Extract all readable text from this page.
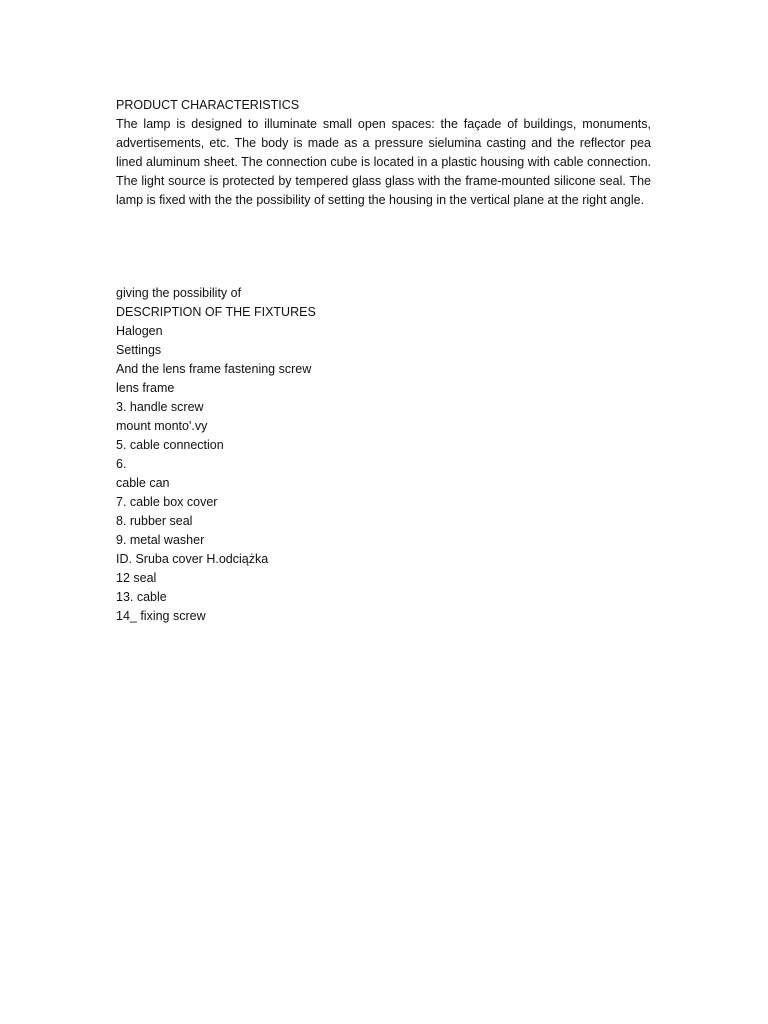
PRODUCT CHARACTERISTICS

The lamp is designed to illuminate small open spaces: the façade of buildings, monuments, advertisements, etc. The body is made as a pressure sielumina casting and the reflector pea lined aluminum sheet. The connection cube is located in a plastic housing with cable connection. The light source is protected by tempered glass glass with the frame-mounted silicone seal. The lamp is fixed with the the possibility of setting the housing in the vertical plane at the right angle.

giving the possibility of
DESCRIPTION OF THE FIXTURES
Halogen
Settings
And the lens frame fastening screw
lens frame
3. handle screw
mount monto'.vy
5. cable connection
6.
cable can
7. cable box cover
8. rubber seal
9. metal washer
ID. Sruba cover H.odciążka
12 seal
13. cable
14_ fixing screw
